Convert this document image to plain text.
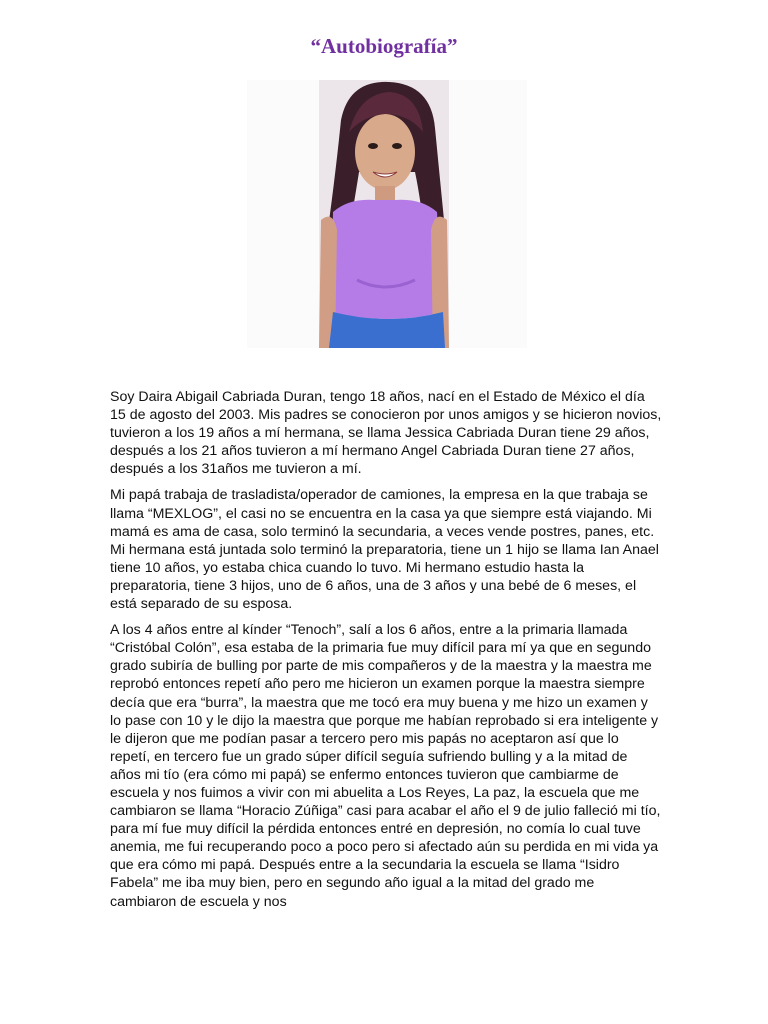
“Autobiografía”

Soy Daira Abigail Cabriada Duran, tengo 18 años, nací en el Estado de México el día 15 de agosto del 2003. Mis padres se conocieron por unos amigos y se hicieron novios, tuvieron a los 19 años a mí hermana, se llama Jessica Cabriada Duran tiene 29 años, después a los 21 años tuvieron a mí hermano Angel Cabriada Duran tiene 27 años, después a los 31años me tuvieron a mí.

Mi papá trabaja de trasladista/operador de camiones, la empresa en la que trabaja se llama “MEXLOG”, el casi no se encuentra en la casa ya que siempre está viajando. Mi mamá es ama de casa, solo terminó la secundaria, a veces vende postres, panes, etc. Mi hermana está juntada solo terminó la preparatoria, tiene un 1 hijo se llama Ian Anael tiene 10 años, yo estaba chica cuando lo tuvo. Mi hermano estudio hasta la preparatoria, tiene 3 hijos, uno de 6 años, una de 3 años y una bebé de 6 meses, el está separado de su esposa.

A los 4 años entre al kínder “Tenoch”, salí a los 6 años, entre a la primaria llamada “Cristóbal Colón”, esa estaba de la primaria fue muy difícil para mí ya que en segundo grado subiría de bulling por parte de mis compañeros y de la maestra y la maestra me reprobó entonces repetí año pero me hicieron un examen porque la maestra siempre decía que era “burra”, la maestra que me tocó era muy buena y me hizo un examen y lo pase con 10 y le dijo la maestra que porque me habían reprobado si era inteligente y le dijeron que me podían pasar a tercero pero mis papás no aceptaron así que lo repetí, en tercero fue un grado súper difícil seguía sufriendo bulling y a la mitad de años mi tío (era cómo mi papá) se enfermo entonces tuvieron que cambiarme de escuela y nos fuimos a vivir con mi abuelita a Los Reyes, La paz, la escuela que me cambiaron se llama “Horacio Zúñiga” casi para acabar el año el 9 de julio falleció mi tío, para mí fue muy difícil la pérdida entonces entré en depresión, no comía lo cual tuve anemia, me fui recuperando poco a poco pero si afectado aún su perdida en mi vida ya que era cómo mi papá. Después entre a la secundaria la escuela se llama “Isidro Fabela” me iba muy bien, pero en segundo año igual a la mitad del grado me cambiaron de escuela y nos
